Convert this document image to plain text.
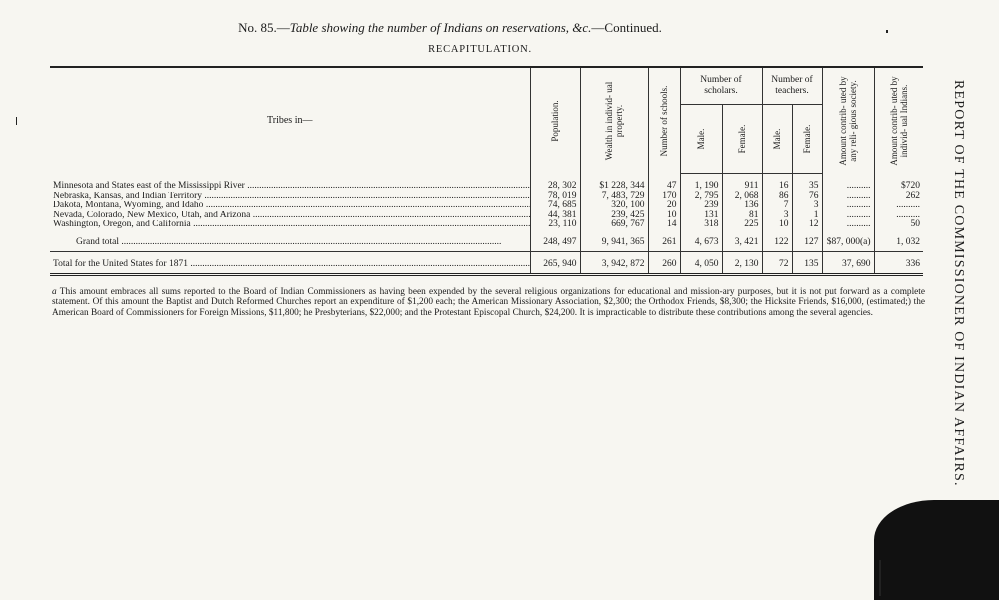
No. 85.—Table showing the number of Indians on reservations, &c.—Continued.
RECAPITULATION.
Tribes in—	Population.	Wealth in individ- ual property.	Number of schools.	Number of scholars.		Number of teachers.		Amount contrib- uted by any reli- gious society.	Amount contrib- uted by individ- ual Indians.

				Male.	Female.	Male.	Female.		

Minnesota and States east of the Mississippi River .....	28, 302	$1 228, 344	47	1, 190	911	16	35	..........	$720
Nebraska, Kansas, and Indian Territory .....	78, 019	7, 483, 729	170	2, 795	2, 068	86	76	..........	262
Dakota, Montana, Wyoming, and Idaho .....	74, 685	320, 100	20	239	136	7	3	..........	..........
Nevada, Colorado, New Mexico, Utah, and Arizona .....	44, 381	239, 425	10	131	81	3	1	..........	..........
Washington, Oregon, and California .....	23, 110	669, 767	14	318	225	10	12	..........	50
Grand total .....	248, 497	9, 941, 365	261	4, 673	3, 421	122	127	$87, 000(a)	1, 032
Total for the United States for 1871 .....	265, 940	3, 942, 872	260	4, 050	2, 130	72	135	37, 690	336
a This amount embraces all sums reported to the Board of Indian Commissioners as having been expended by the several religious organizations for educational and mission-ary purposes, but it is not put forward as a complete statement. Of this amount the Baptist and Dutch Reformed Churches report an expenditure of $1,200 each; the American Missionary Association, $2,300; the Orthodox Friends, $8,300; the Hicksite Friends, $16,000, (estimated;) the American Board of Commissioners for Foreign Missions, $11,800; he Presbyterians, $22,000; and the Protestant Episcopal Church, $24,200. It is impracticable to distribute these contributions among the several agencies.	REPORT OF THE COMMISSIONER OF INDIAN AFFAIRS.
